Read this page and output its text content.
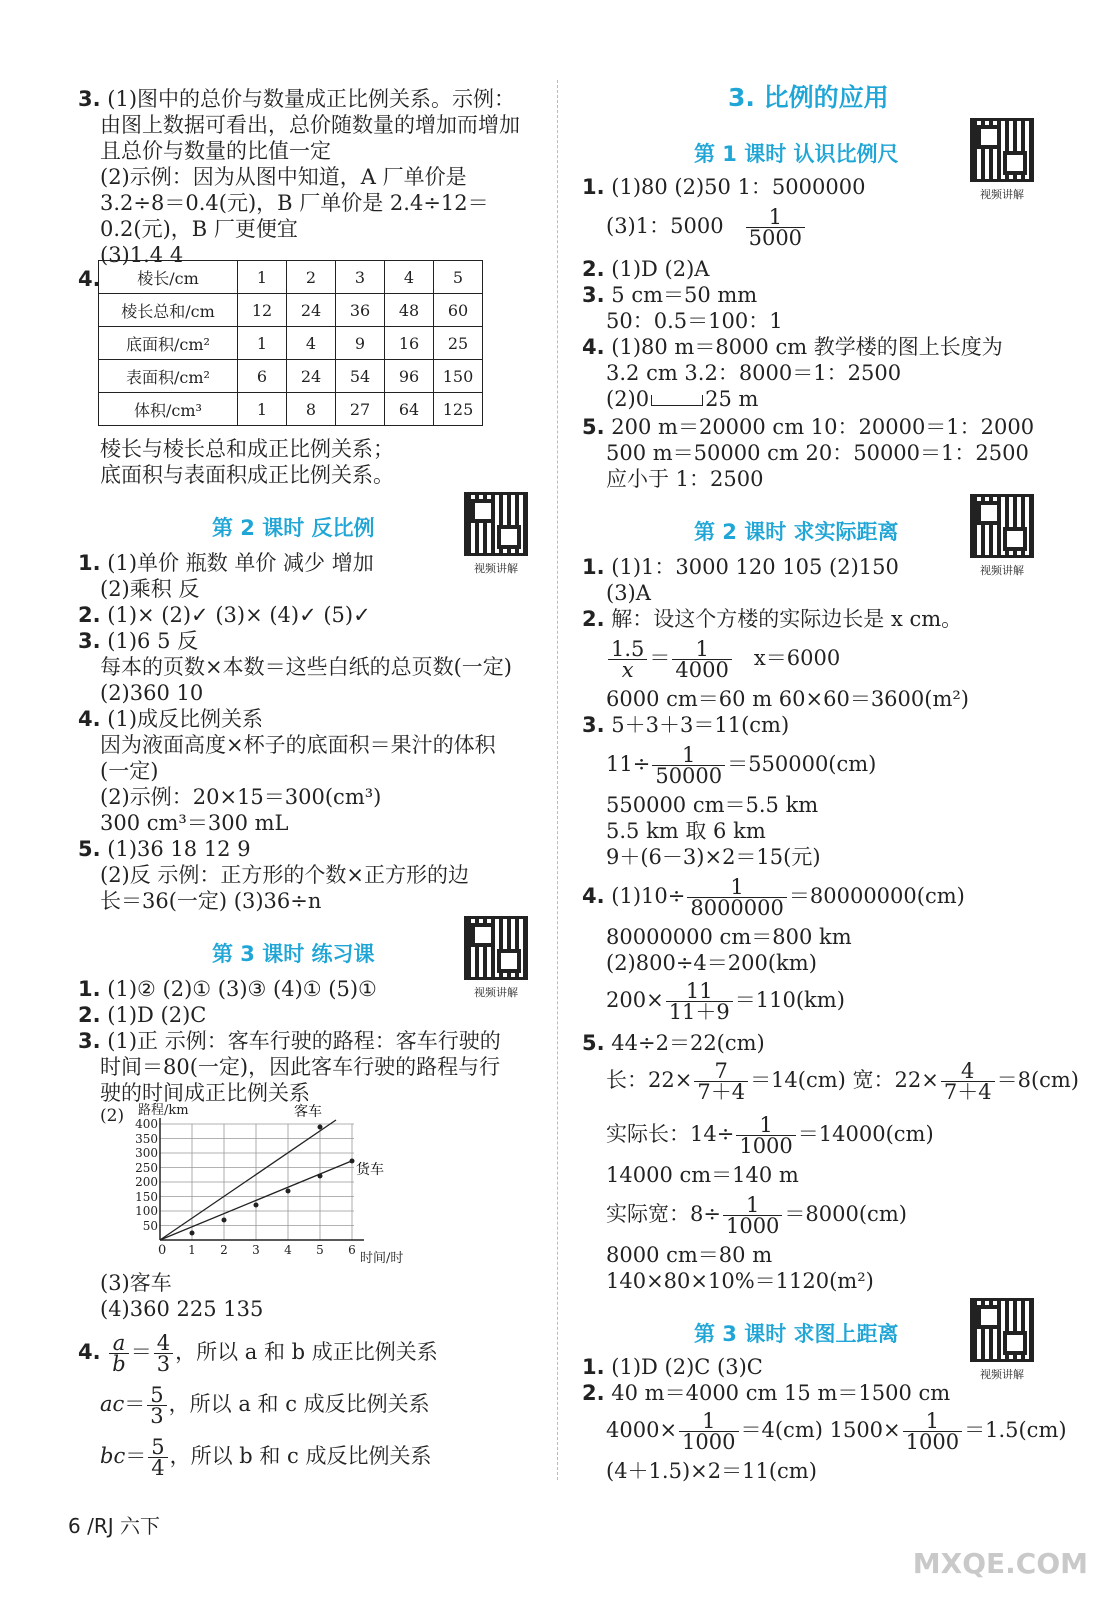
3. (1)图中的总价与数量成正比例关系。示例：
由图上数据可看出，总价随数量的增加而增加
且总价与数量的比值一定
(2)示例：因为从图中知道，A 厂单价是
3.2÷8＝0.4(元)，B 厂单价是 2.4÷12＝
0.2(元)，B 厂更便宜
(3)1.4 4
4. 棱长/cm	1	2	3	4	5
棱长总和/cm	12	24	36	48	60
底面积/cm²	1	4	9	16	25
表面积/cm²	6	24	54	96	150
体积/cm³	1	8	27	64	125
棱长与棱长总和成正比例关系；
底面积与表面积成正比例关系。
第 2 课时 反比例
视频讲解
1. (1)单价 瓶数 单价 减少 增加
(2)乘积 反
2. (1)× (2)✓ (3)× (4)✓ (5)✓
3. (1)6 5 反
每本的页数×本数＝这些白纸的总页数(一定)
(2)360 10
4. (1)成反比例关系
因为液面高度×杯子的底面积＝果汁的体积
(一定)
(2)示例：20×15＝300(cm³)
300 cm³＝300 mL
5. (1)36 18 12 9
(2)反 示例：正方形的个数×正方形的边
长＝36(一定) (3)36÷n
第 3 课时 练习课
视频讲解
1. (1)② (2)① (3)③ (4)① (5)①
2. (1)D (2)C
3. (1)正 示例：客车行驶的路程：客车行驶的
时间＝80(一定)，因此客车行驶的路程与行
驶的时间成正比例关系
(2) 路程/km
时间/时
0
400
350
300
250
200
150
100
50
1 2 3 4 5 6
客车
货车
(3)客车
(4)360 225 135
4. $\frac{a}{b} = \frac{4}{3}$ ，所以 a 和 b 成正比例关系
$ac= \frac{5}{3}$ ，所以 a 和 c 成反比例关系
$bc= \frac{5}{4}$ ，所以 b 和 c 成反比例关系
3. 比例的应用
视频讲解
第 1 课时 认识比例尺
1. (1)80 (2)50 1：5000000
(3)1：$5000 \frac{1}{5000}$
2. (1)D (2)A
3. 5 cm＝50 mm
50：0.5＝100：1
4. (1)80 m＝8000 cm 教学楼的图上长度为
3.2 cm 3.2：8000＝1：2500
(2)0	25 m
5. 200 m＝20000 cm 10：20000＝1：2000
500 m＝50000 cm 20：50000＝1：2500
应小于 1：2500
第 2 课时 求实际距离
视频讲解
1. (1)1：3000 120 105 (2)150
(3)A
2. 解：设这个方楼的实际边长是 x cm。
$\frac{1.5}{x} = \frac{1}{4000} x=6000$
6000 cm＝60 m 60×60＝3600(m²)
3. 5＋3＋3＝11(cm)
$11\div \frac{1}{50000} =550000(cm)$
550000 cm＝5.5 km
5.5 km 取 6 km
9＋(6－3)×2＝15(元)
4. $(1)10\div \frac{1}{8000000} =80000000(cm)$
80000000 cm＝800 km
(2)800÷4＝200(km)
$200\times \frac{11}{11+9} =110(km)$
5. 44÷2＝22(cm)
长：$22\times \frac{7}{7+4} =14(cm)$ 宽：$22\times \frac{4}{7+4} =8(cm)$
实际长：$14\div \frac{1}{1000} =14000(cm)$
14000 cm＝140 m
实际宽：$8\div \frac{1}{1000} =8000(cm)$
8000 cm＝80 m
140×80×10%＝1120(m²)
第 3 课时 求图上距离
视频讲解
1. (1)D (2)C (3)C
2. 40 m＝4000 cm 15 m＝1500 cm
$4000\times \frac{1}{1000} =4(cm)$ $1500\times \frac{1}{1000} =1.5(cm)$
(4＋1.5)×2＝11(cm)
6 /RJ 六下
MXQE.COM
